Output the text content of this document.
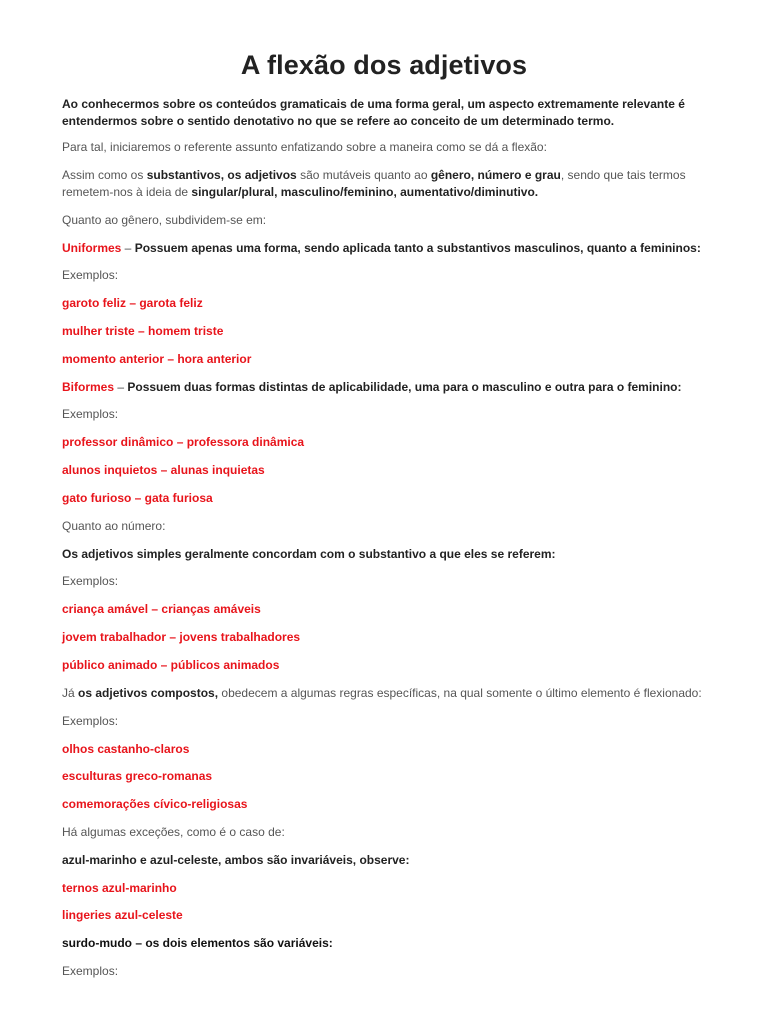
A flexão dos adjetivos

Ao conhecermos sobre os conteúdos gramaticais de uma forma geral, um aspecto extremamente relevante é entendermos sobre o sentido denotativo no que se refere ao conceito de um determinado termo.

Para tal, iniciaremos o referente assunto enfatizando sobre a maneira como se dá a flexão:

Assim como os substantivos, os adjetivos são mutáveis quanto ao gênero, número e grau, sendo que tais termos remetem-nos à ideia de singular/plural, masculino/feminino, aumentativo/diminutivo.

Quanto ao gênero, subdividem-se em:

Uniformes – Possuem apenas uma forma, sendo aplicada tanto a substantivos masculinos, quanto a femininos:

Exemplos:

garoto feliz – garota feliz

mulher triste – homem triste

momento anterior – hora anterior

Biformes – Possuem duas formas distintas de aplicabilidade, uma para o masculino e outra para o feminino:

Exemplos:

professor dinâmico – professora dinâmica

alunos inquietos – alunas inquietas

gato furioso – gata furiosa

Quanto ao número:

Os adjetivos simples geralmente concordam com o substantivo a que eles se referem:

Exemplos:

criança amável – crianças amáveis

jovem trabalhador – jovens trabalhadores

público animado – públicos animados

Já os adjetivos compostos, obedecem a algumas regras específicas, na qual somente o último elemento é flexionado:

Exemplos:

olhos castanho-claros

esculturas greco-romanas

comemorações cívico-religiosas

Há algumas exceções, como é o caso de:

azul-marinho e azul-celeste, ambos são invariáveis, observe:

ternos azul-marinho

lingeries azul-celeste

surdo-mudo – os dois elementos são variáveis:

Exemplos:
